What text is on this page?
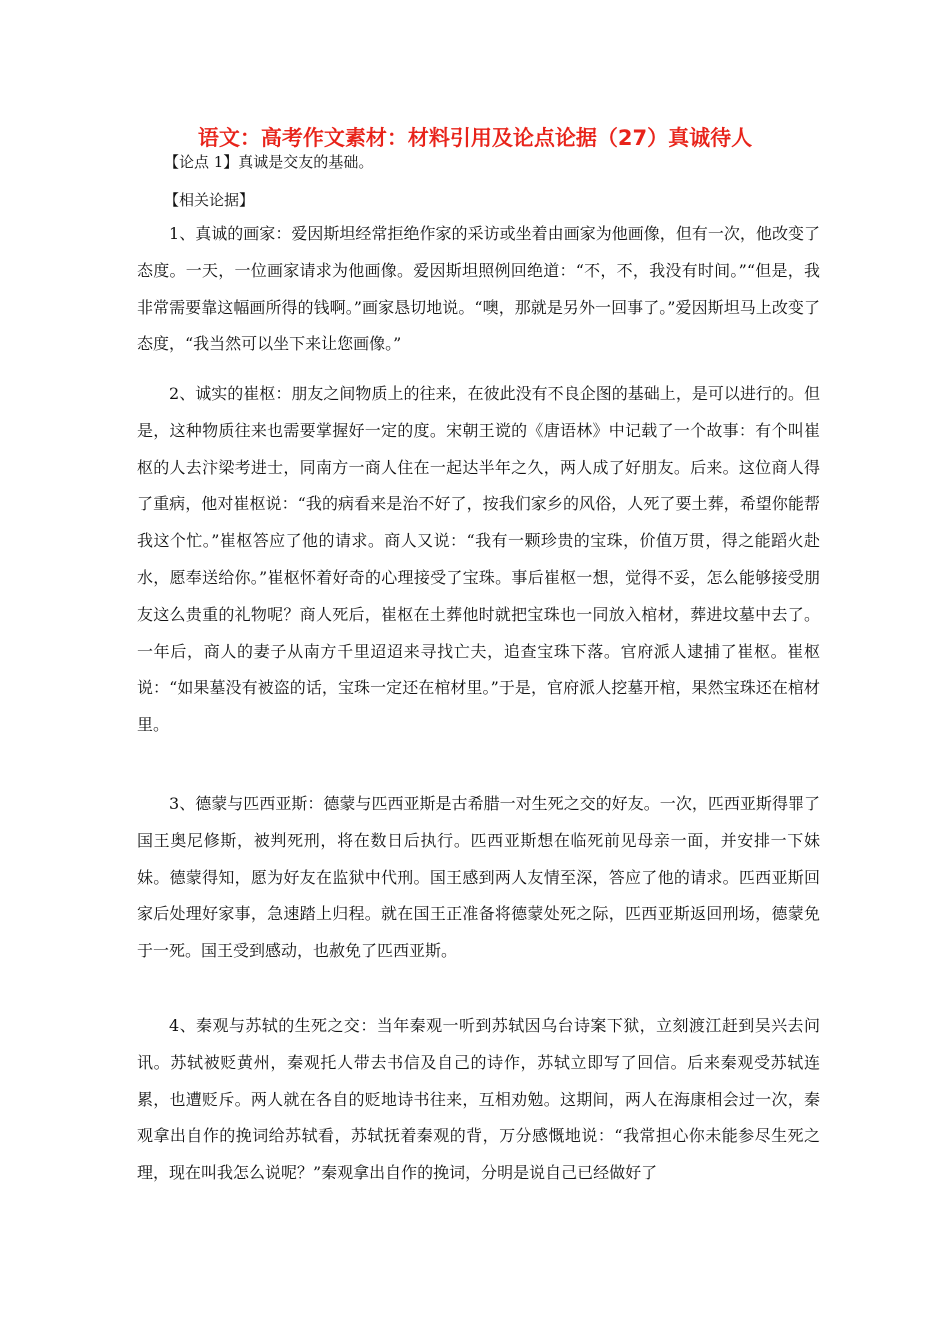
语文：高考作文素材：材料引用及论点论据（27）真诚待人
【论点 1】真诚是交友的基础。
【相关论据】

1、真诚的画家：爱因斯坦经常拒绝作家的采访或坐着由画家为他画像，但有一次，他改变了态度。一天，一位画家请求为他画像。爱因斯坦照例回绝道：“不，不，我没有时间。”“但是，我非常需要靠这幅画所得的钱啊。”画家恳切地说。“噢，那就是另外一回事了。”爱因斯坦马上改变了态度，“我当然可以坐下来让您画像。”

2、诚实的崔枢：朋友之间物质上的往来，在彼此没有不良企图的基础上，是可以进行的。但是，这种物质往来也需要掌握好一定的度。宋朝王谠的《唐语林》中记载了一个故事：有个叫崔枢的人去汴梁考进士，同南方一商人住在一起达半年之久，两人成了好朋友。后来。这位商人得了重病，他对崔枢说：“我的病看来是治不好了，按我们家乡的风俗，人死了要土葬，希望你能帮我这个忙。”崔枢答应了他的请求。商人又说：“我有一颗珍贵的宝珠，价值万贯，得之能蹈火赴水，愿奉送给你。”崔枢怀着好奇的心理接受了宝珠。事后崔枢一想，觉得不妥，怎么能够接受朋友这么贵重的礼物呢？商人死后，崔枢在土葬他时就把宝珠也一同放入棺材，葬进坟墓中去了。一年后，商人的妻子从南方千里迢迢来寻找亡夫，追查宝珠下落。官府派人逮捕了崔枢。崔枢说：“如果墓没有被盗的话，宝珠一定还在棺材里。”于是，官府派人挖墓开棺，果然宝珠还在棺材里。

3、德蒙与匹西亚斯：德蒙与匹西亚斯是古希腊一对生死之交的好友。一次，匹西亚斯得罪了国王奥尼修斯，被判死刑，将在数日后执行。匹西亚斯想在临死前见母亲一面，并安排一下妹妹。德蒙得知，愿为好友在监狱中代刑。国王感到两人友情至深，答应了他的请求。匹西亚斯回家后处理好家事，急速踏上归程。就在国王正准备将德蒙处死之际，匹西亚斯返回刑场，德蒙免于一死。国王受到感动，也赦免了匹西亚斯。

4、秦观与苏轼的生死之交：当年秦观一听到苏轼因乌台诗案下狱，立刻渡江赶到吴兴去问讯。苏轼被贬黄州，秦观托人带去书信及自己的诗作，苏轼立即写了回信。后来秦观受苏轼连累，也遭贬斥。两人就在各自的贬地诗书往来，互相劝勉。这期间，两人在海康相会过一次，秦观拿出自作的挽词给苏轼看，苏轼抚着秦观的背，万分感慨地说：“我常担心你未能参尽生死之理，现在叫我怎么说呢？”秦观拿出自作的挽词，分明是说自己已经做好了
